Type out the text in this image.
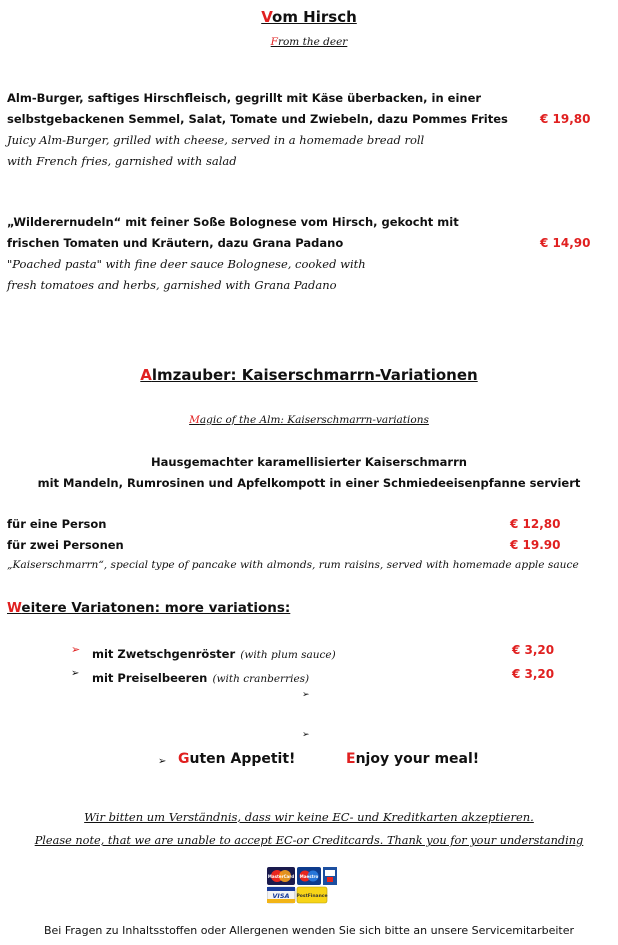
Vom Hirsch
From the deer
Alm-Burger, saftiges Hirschfleisch, gegrillt mit Käse überbacken, in einer
selbstgebackenen Semmel, Salat, Tomate und Zwiebeln, dazu Pommes Frites	€ 19,80
Juicy Alm-Burger, grilled with cheese, served in a homemade bread roll
with French fries, garnished with salad
„Wilderernudeln“ mit feiner Soße Bolognese vom Hirsch, gekocht mit
frischen Tomaten und Kräutern, dazu Grana Padano	€ 14,90
"Poached pasta" with fine deer sauce Bolognese, cooked with
fresh tomatoes and herbs, garnished with Grana Padano
Almzauber: Kaiserschmarrn-Variationen
Magic of the Alm: Kaiserschmarrn-variations
Hausgemachter karamellisierter Kaiserschmarrn
mit Mandeln, Rumrosinen und Apfelkompott in einer Schmiedeeisenpfanne serviert
für eine Person	€ 12,80
für zwei Personen	€ 19.90
„Kaiserschmarrn“, special type of pancake with almonds, rum raisins, served with homemade apple sauce
Weitere Variatonen: more variations:
➢ mit Zwetschgenröster (with plum sauce)	€ 3,20
➢ mit Preiselbeeren (with cranberries)	€ 3,20
➢
➢
➢ Guten Appetit!	Enjoy your meal!
Wir bitten um Verständnis, dass wir keine EC- und Kreditkarten akzeptieren.
Please note, that we are unable to accept EC-or Creditcards. Thank you for your understanding
MasterCard Maestro
VISA PostFinance
Bei Fragen zu Inhaltsstoffen oder Allergenen wenden Sie sich bitte an unsere Servicemitarbeiter
